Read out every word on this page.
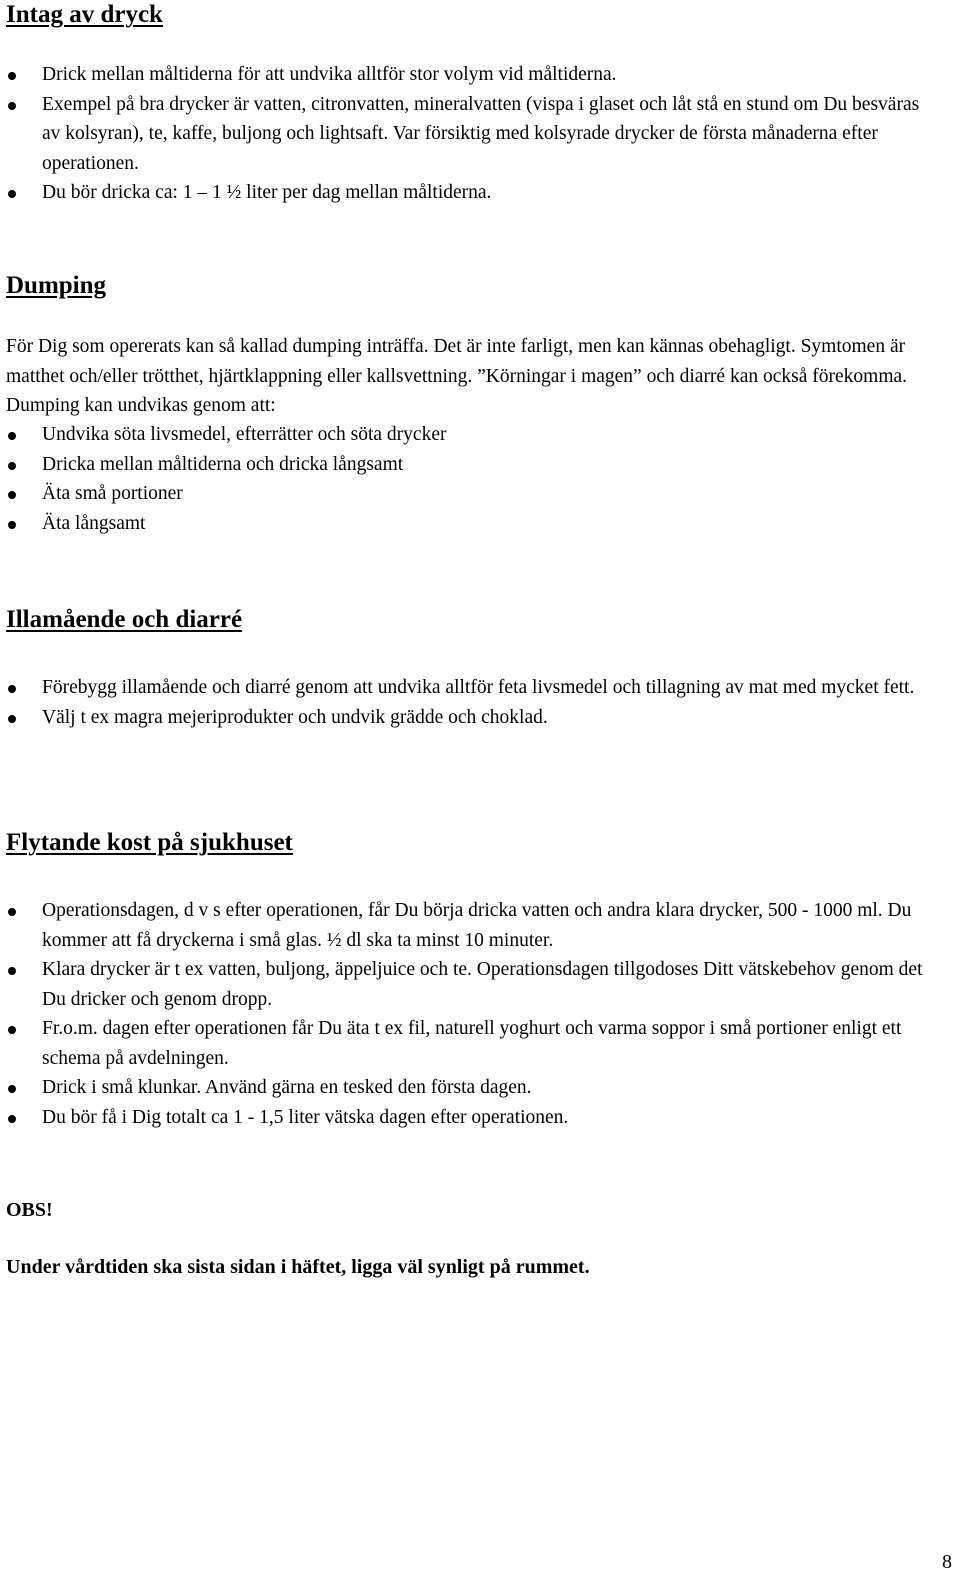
Intag av dryck
Drick mellan måltiderna för att undvika alltför stor volym vid måltiderna.
Exempel på bra drycker är vatten, citronvatten, mineralvatten (vispa i glaset och låt stå en stund om Du besväras av kolsyran), te, kaffe, buljong och lightsaft. Var försiktig med kolsyrade drycker de första månaderna efter operationen.
Du bör dricka ca: 1 – 1 ½ liter per dag mellan måltiderna.
Dumping

För Dig som opererats kan så kallad dumping inträffa. Det är inte farligt, men kan kännas obehagligt. Symtomen är matthet och/eller trötthet, hjärtklappning eller kallsvettning. ”Körningar i magen” och diarré kan också förekomma. Dumping kan undvikas genom att:

Undvika söta livsmedel, efterrätter och söta drycker
Dricka mellan måltiderna och dricka långsamt
Äta små portioner
Äta långsamt
Illamående och diarré
Förebygg illamående och diarré genom att undvika alltför feta livsmedel och tillagning av mat med mycket fett.
Välj t ex magra mejeriprodukter och undvik grädde och choklad.
Flytande kost på sjukhuset
Operationsdagen, d v s efter operationen, får Du börja dricka vatten och andra klara drycker, 500 - 1000 ml. Du kommer att få dryckerna i små glas. ½ dl ska ta minst 10 minuter.
Klara drycker är t ex vatten, buljong, äppeljuice och te. Operationsdagen tillgodoses Ditt vätskebehov genom det Du dricker och genom dropp.
Fr.o.m. dagen efter operationen får Du äta t ex fil, naturell yoghurt och varma soppor i små portioner enligt ett schema på avdelningen.
Drick i små klunkar. Använd gärna en tesked den första dagen.
Du bör få i Dig totalt ca 1 - 1,5 liter vätska dagen efter operationen.

OBS!

Under vårdtiden ska sista sidan i häftet, ligga väl synligt på rummet.

8
